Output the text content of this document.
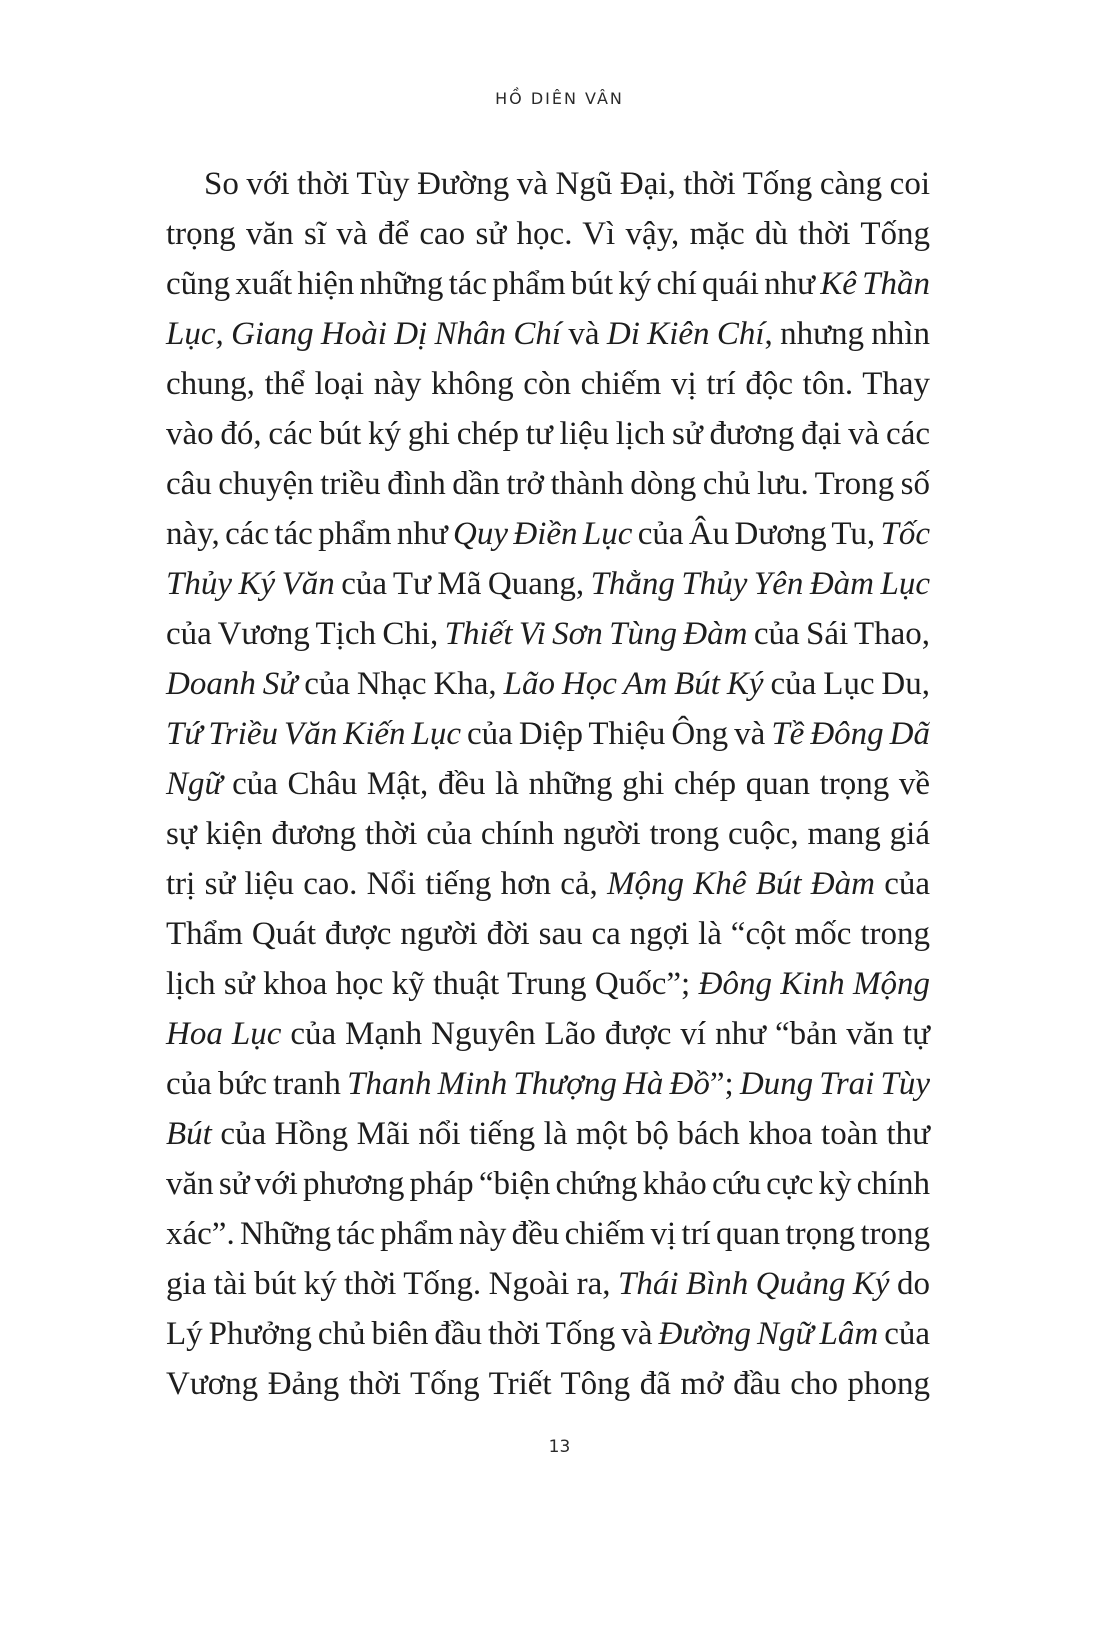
HỒ DIÊN VÂN
So với thời Tùy Đường và Ngũ Đại, thời Tống càng coi
trọng văn sĩ và để cao sử học. Vì vậy, mặc dù thời Tống
cũng xuất hiện những tác phẩm bút ký chí quái như Kê Thần
Lục, Giang Hoài Dị Nhân Chí và Di Kiên Chí, nhưng nhìn
chung, thể loại này không còn chiếm vị trí độc tôn. Thay
vào đó, các bút ký ghi chép tư liệu lịch sử đương đại và các
câu chuyện triều đình dần trở thành dòng chủ lưu. Trong số
này, các tác phẩm như Quy Điền Lục của Âu Dương Tu, Tốc
Thủy Ký Văn của Tư Mã Quang, Thằng Thủy Yên Đàm Lục
của Vương Tịch Chi, Thiết Vi Sơn Tùng Đàm của Sái Thao,
Doanh Sử của Nhạc Kha, Lão Học Am Bút Ký của Lục Du,
Tứ Triều Văn Kiến Lục của Diệp Thiệu Ông và Tề Đông Dã
Ngữ của Châu Mật, đều là những ghi chép quan trọng về
sự kiện đương thời của chính người trong cuộc, mang giá
trị sử liệu cao. Nổi tiếng hơn cả, Mộng Khê Bút Đàm của
Thẩm Quát được người đời sau ca ngợi là “cột mốc trong
lịch sử khoa học kỹ thuật Trung Quốc”; Đông Kinh Mộng
Hoa Lục của Mạnh Nguyên Lão được ví như “bản văn tự
của bức tranh Thanh Minh Thượng Hà Đồ”; Dung Trai Tùy
Bút của Hồng Mãi nổi tiếng là một bộ bách khoa toàn thư
văn sử với phương pháp “biện chứng khảo cứu cực kỳ chính
xác”. Những tác phẩm này đều chiếm vị trí quan trọng trong
gia tài bút ký thời Tống. Ngoài ra, Thái Bình Quảng Ký do
Lý Phưởng chủ biên đầu thời Tống và Đường Ngữ Lâm của
Vương Đảng thời Tống Triết Tông đã mở đầu cho phong
13
